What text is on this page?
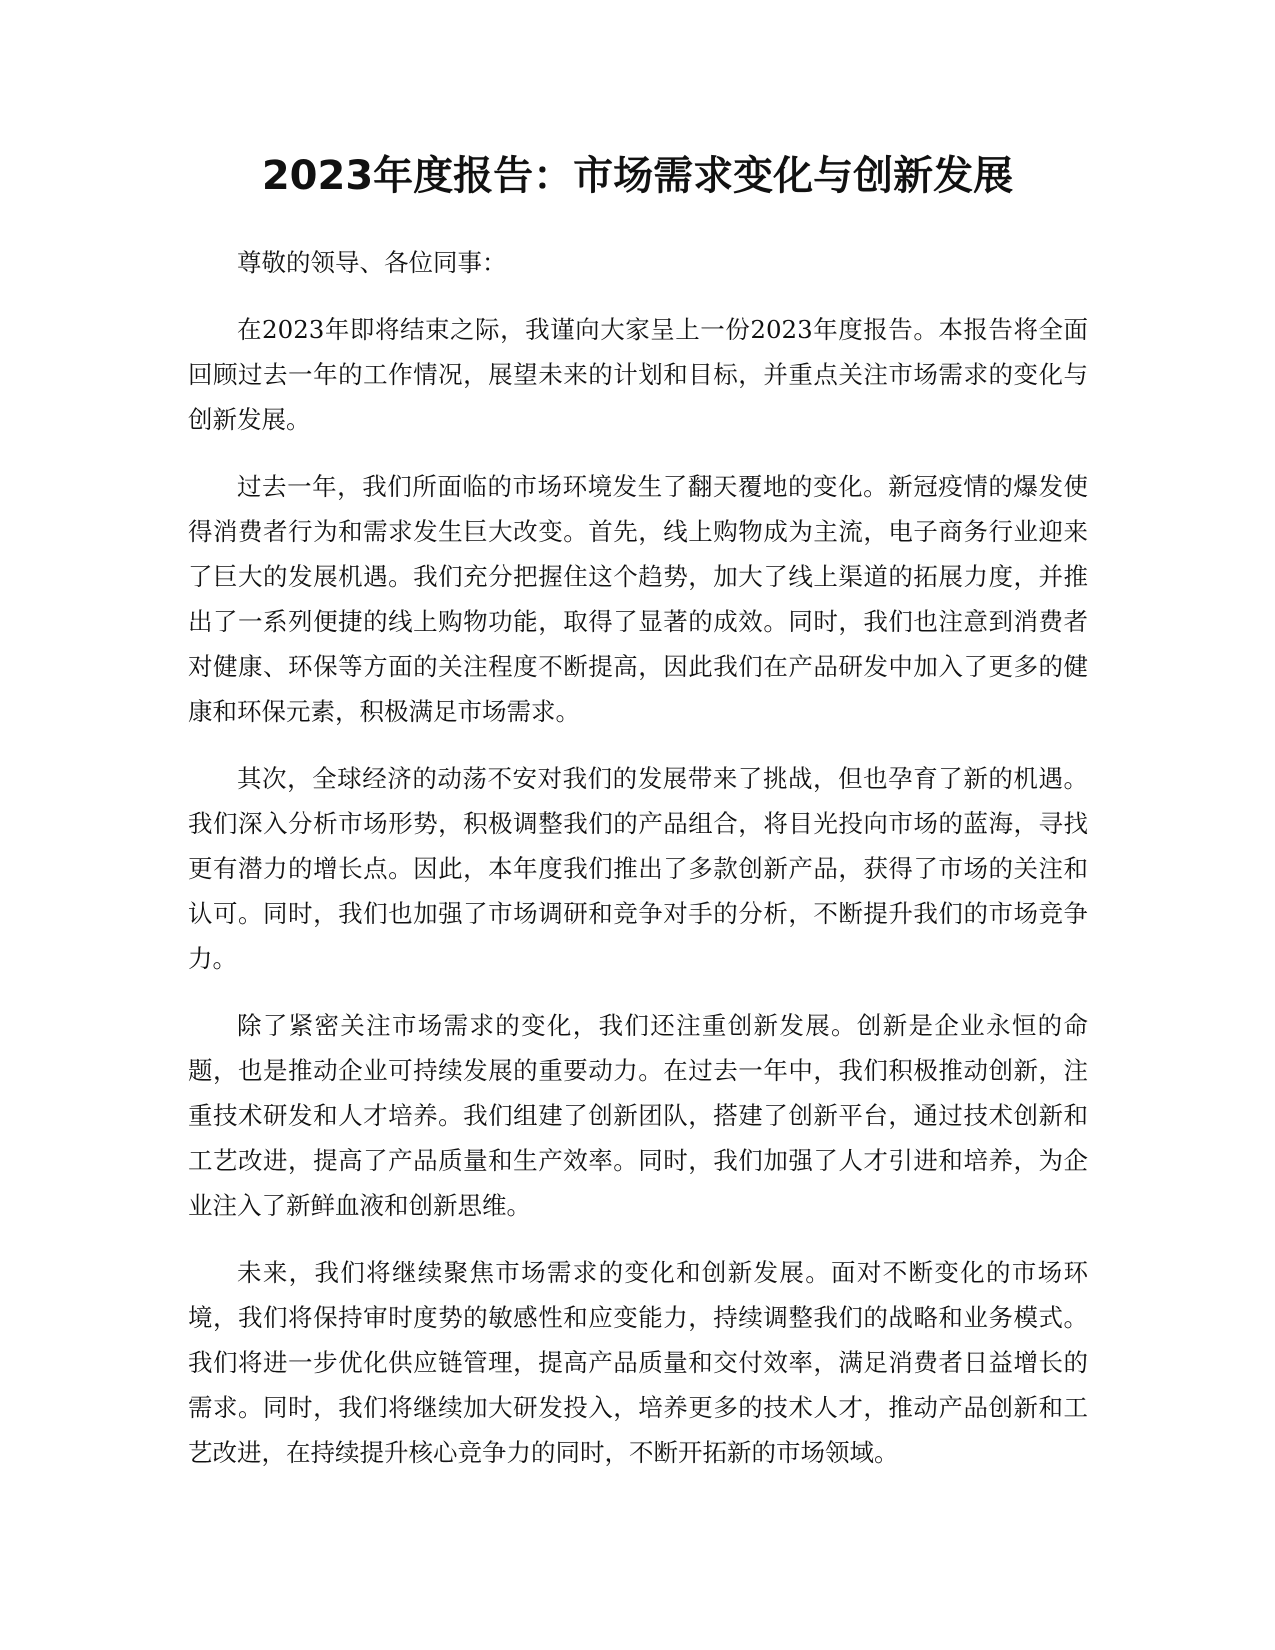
2023年度报告：市场需求变化与创新发展

尊敬的领导、各位同事：

在2023年即将结束之际，我谨向大家呈上一份2023年度报告。本报告将全面回顾过去一年的工作情况，展望未来的计划和目标，并重点关注市场需求的变化与创新发展。

过去一年，我们所面临的市场环境发生了翻天覆地的变化。新冠疫情的爆发使得消费者行为和需求发生巨大改变。首先，线上购物成为主流，电子商务行业迎来了巨大的发展机遇。我们充分把握住这个趋势，加大了线上渠道的拓展力度，并推出了一系列便捷的线上购物功能，取得了显著的成效。同时，我们也注意到消费者对健康、环保等方面的关注程度不断提高，因此我们在产品研发中加入了更多的健康和环保元素，积极满足市场需求。

其次，全球经济的动荡不安对我们的发展带来了挑战，但也孕育了新的机遇。我们深入分析市场形势，积极调整我们的产品组合，将目光投向市场的蓝海，寻找更有潜力的增长点。因此，本年度我们推出了多款创新产品，获得了市场的关注和认可。同时，我们也加强了市场调研和竞争对手的分析，不断提升我们的市场竞争力。

除了紧密关注市场需求的变化，我们还注重创新发展。创新是企业永恒的命题，也是推动企业可持续发展的重要动力。在过去一年中，我们积极推动创新，注重技术研发和人才培养。我们组建了创新团队，搭建了创新平台，通过技术创新和工艺改进，提高了产品质量和生产效率。同时，我们加强了人才引进和培养，为企业注入了新鲜血液和创新思维。

未来，我们将继续聚焦市场需求的变化和创新发展。面对不断变化的市场环境，我们将保持审时度势的敏感性和应变能力，持续调整我们的战略和业务模式。我们将进一步优化供应链管理，提高产品质量和交付效率，满足消费者日益增长的需求。同时，我们将继续加大研发投入，培养更多的技术人才，推动产品创新和工艺改进，在持续提升核心竞争力的同时，不断开拓新的市场领域。
